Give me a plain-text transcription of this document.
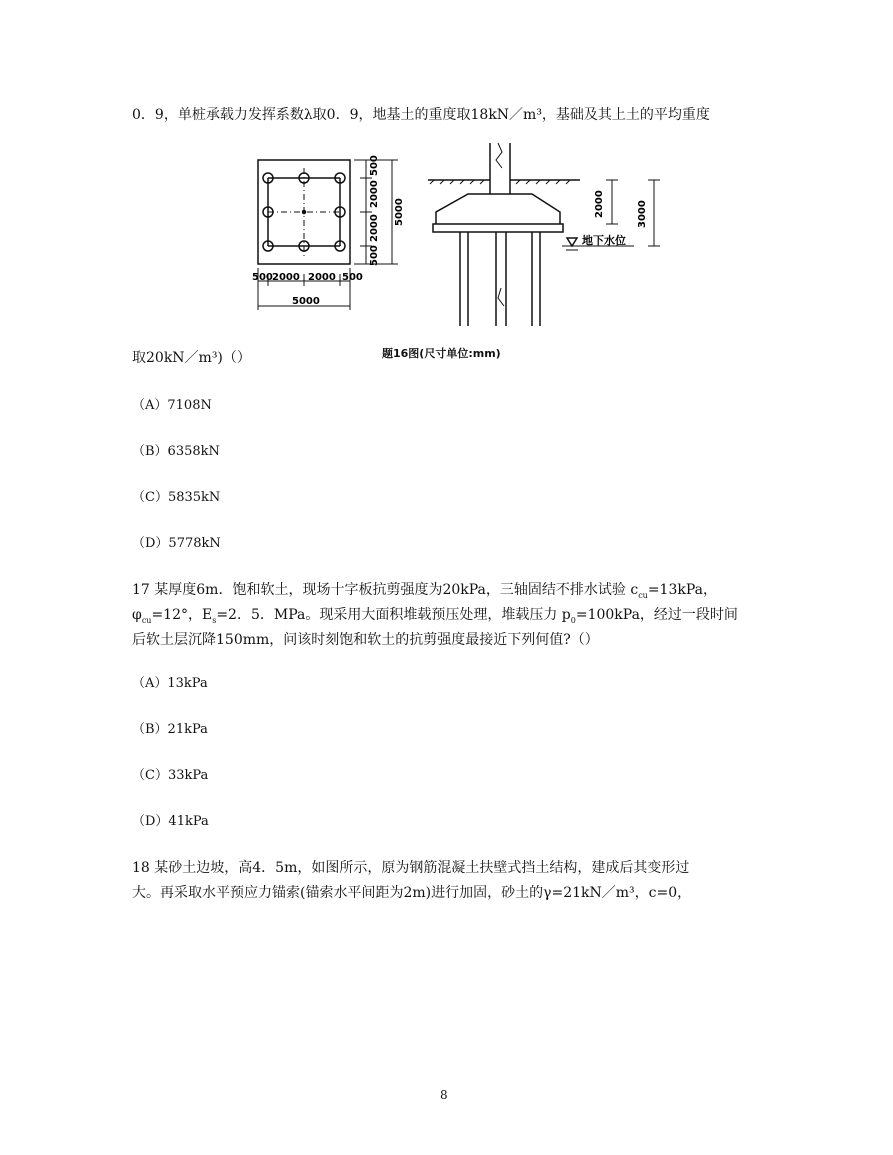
0．9，单桩承载力发挥系数λ取0．9，地基土的重度取18kN／m³，基础及其上土的平均重度
500 2000 2000 500
5000
500
2000
2000
500
5000	2000	3000
地下水位
题16图(尺寸单位:mm)
取20kN／m³)（）
（A）7108N
（B）6358kN
（C）5835kN
（D）5778kN
17 某厚度6m．饱和软土，现场十字板抗剪强度为20kPa，三轴固结不排水试验 $c_{cu}=13kPa$，
$\varphi_{cu}=12^\circ$，$E_s=2$．5．MPa。现采用大面积堆载预压处理，堆载压力 $p_0=100kPa$，经过一段时间
后软土层沉降150mm，问该时刻饱和软土的抗剪强度最接近下列何值?（）
（A）13kPa
（B）21kPa
（C）33kPa
（D）41kPa
18 某砂土边坡，高4．5m，如图所示，原为钢筋混凝土扶壁式挡土结构，建成后其变形过
大。再采取水平预应力锚索(锚索水平间距为2m)进行加固，砂土的γ=21kN／m³，c=0，
8
